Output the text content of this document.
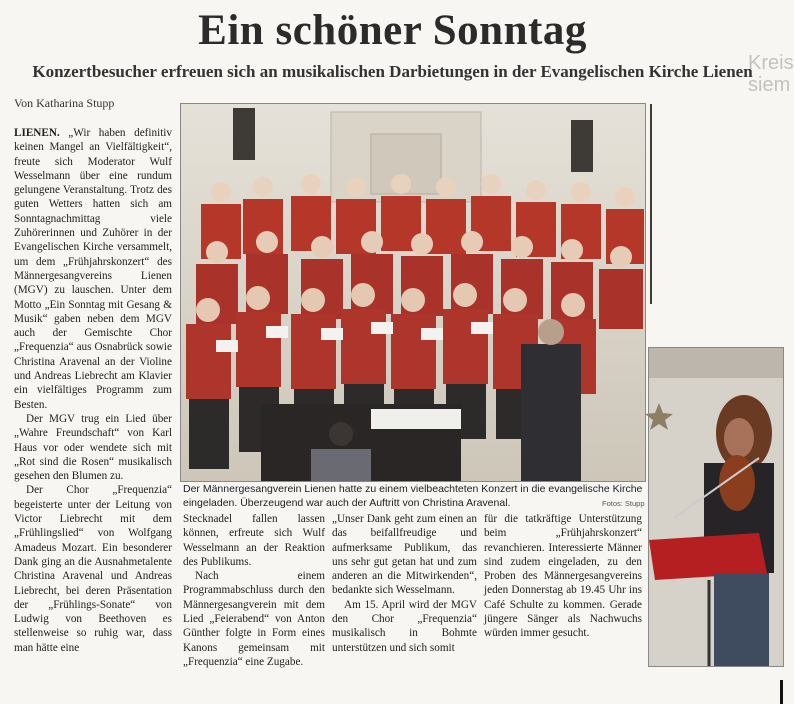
Ein schöner Sonntag
Konzertbesucher erfreuen sich an musikalischen Darbietungen in der Evangelischen Kirche Lienen
Von Katharina Stupp
Kreis
siem

LIENEN. „Wir haben definitiv keinen Mangel an Vielfältigkeit“, freute sich Moderator Wulf Wesselmann über eine rundum gelungene Veranstaltung. Trotz des guten Wetters hatten sich am Sonntagnachmittag viele Zuhörerinnen und Zuhörer in der Evangelischen Kirche versammelt, um dem „Frühjahrskonzert“ des Männergesangvereins Lienen (MGV) zu lauschen. Unter dem Motto „Ein Sonntag mit Gesang & Musik“ gaben neben dem MGV auch der Gemischte Chor „Frequenzia“ aus Osnabrück sowie Christina Aravenal an der Violine und Andreas Liebrecht am Klavier ein vielfältiges Programm zum Besten.

Der MGV trug ein Lied über „Wahre Freundschaft“ von Karl Haus vor oder wendete sich mit „Rot sind die Rosen“ musikalisch gesehen den Blumen zu.

Der Chor „Frequenzia“ begeisterte unter der Leitung von Victor Liebrecht mit dem „Frühlingslied“ von Wolfgang Amadeus Mozart. Ein besonderer Dank ging an die Ausnahmetalente Christina Aravenal und Andreas Liebrecht, bei deren Präsentation der „Frühlings-Sonate“ von Ludwig von Beethoven es stellenweise so ruhig war, dass man hätte eine

Der Männergesangverein Lienen hatte zu einem vielbeachteten Konzert in die evangelische Kirche eingeladen. Überzeugend war auch der Auftritt von Christina Aravenal.	Fotos: Stupp

Stecknadel fallen lassen können, erfreute sich Wulf Wesselmann an der Reaktion des Publikums.

Nach einem Programmabschluss durch den Männergesangverein mit dem Lied „Feierabend“ von Anton Günther folgte in Form eines Kanons gemeinsam mit „Frequenzia“ eine Zugabe.

„Unser Dank geht zum einen an das beifallfreudige und aufmerksame Publikum, das uns sehr gut getan hat und zum anderen an die Mitwirkenden“, bedankte sich Wesselmann.

Am 15. April wird der MGV den Chor „Frequenzia“ musikalisch in Bohmte unterstützen und sich somit

für die tatkräftige Unterstützung beim „Frühjahrskonzert“ revanchieren. Interessierte Männer sind zudem eingeladen, zu den Proben des Männergesangvereins jeden Donnerstag ab 19.45 Uhr ins Café Schulte zu kommen. Gerade jüngere Sänger als Nachwuchs würden immer gesucht.
